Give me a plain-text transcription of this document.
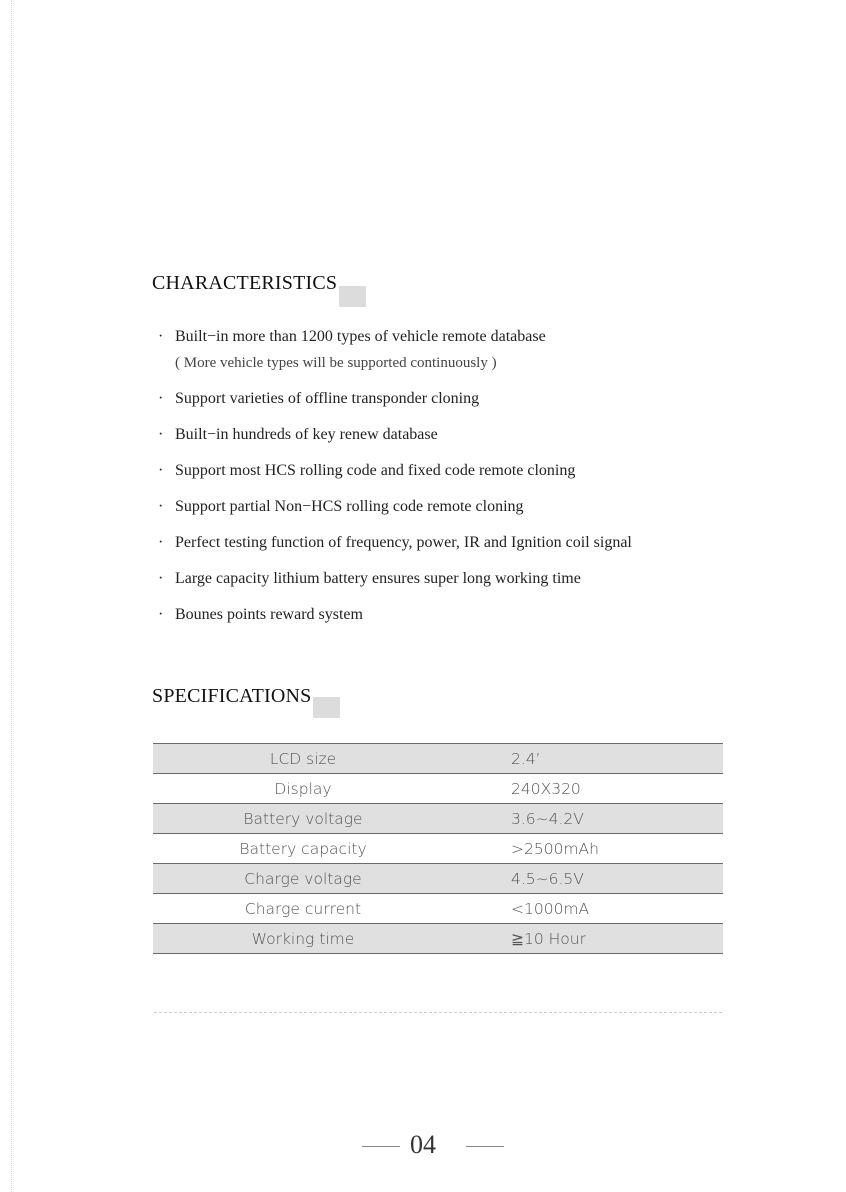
CHARACTERISTICS
· Built−in more than 1200 types of vehicle remote database
( More vehicle types will be supported continuously )
· Support varieties of offline transponder cloning
· Built−in hundreds of key renew database
· Support most HCS rolling code and fixed code remote cloning
· Support partial Non−HCS rolling code remote cloning
· Perfect testing function of frequency, power, IR and Ignition coil signal
· Large capacity lithium battery ensures super long working time
· Bounes points reward system
SPECIFICATIONS
LCD size	2.4’
Display	240X320
Battery voltage	3.6~4.2V
Battery capacity	>2500mAh
Charge voltage	4.5~6.5V
Charge current	<1000mA
Working time	≧10 Hour
04
